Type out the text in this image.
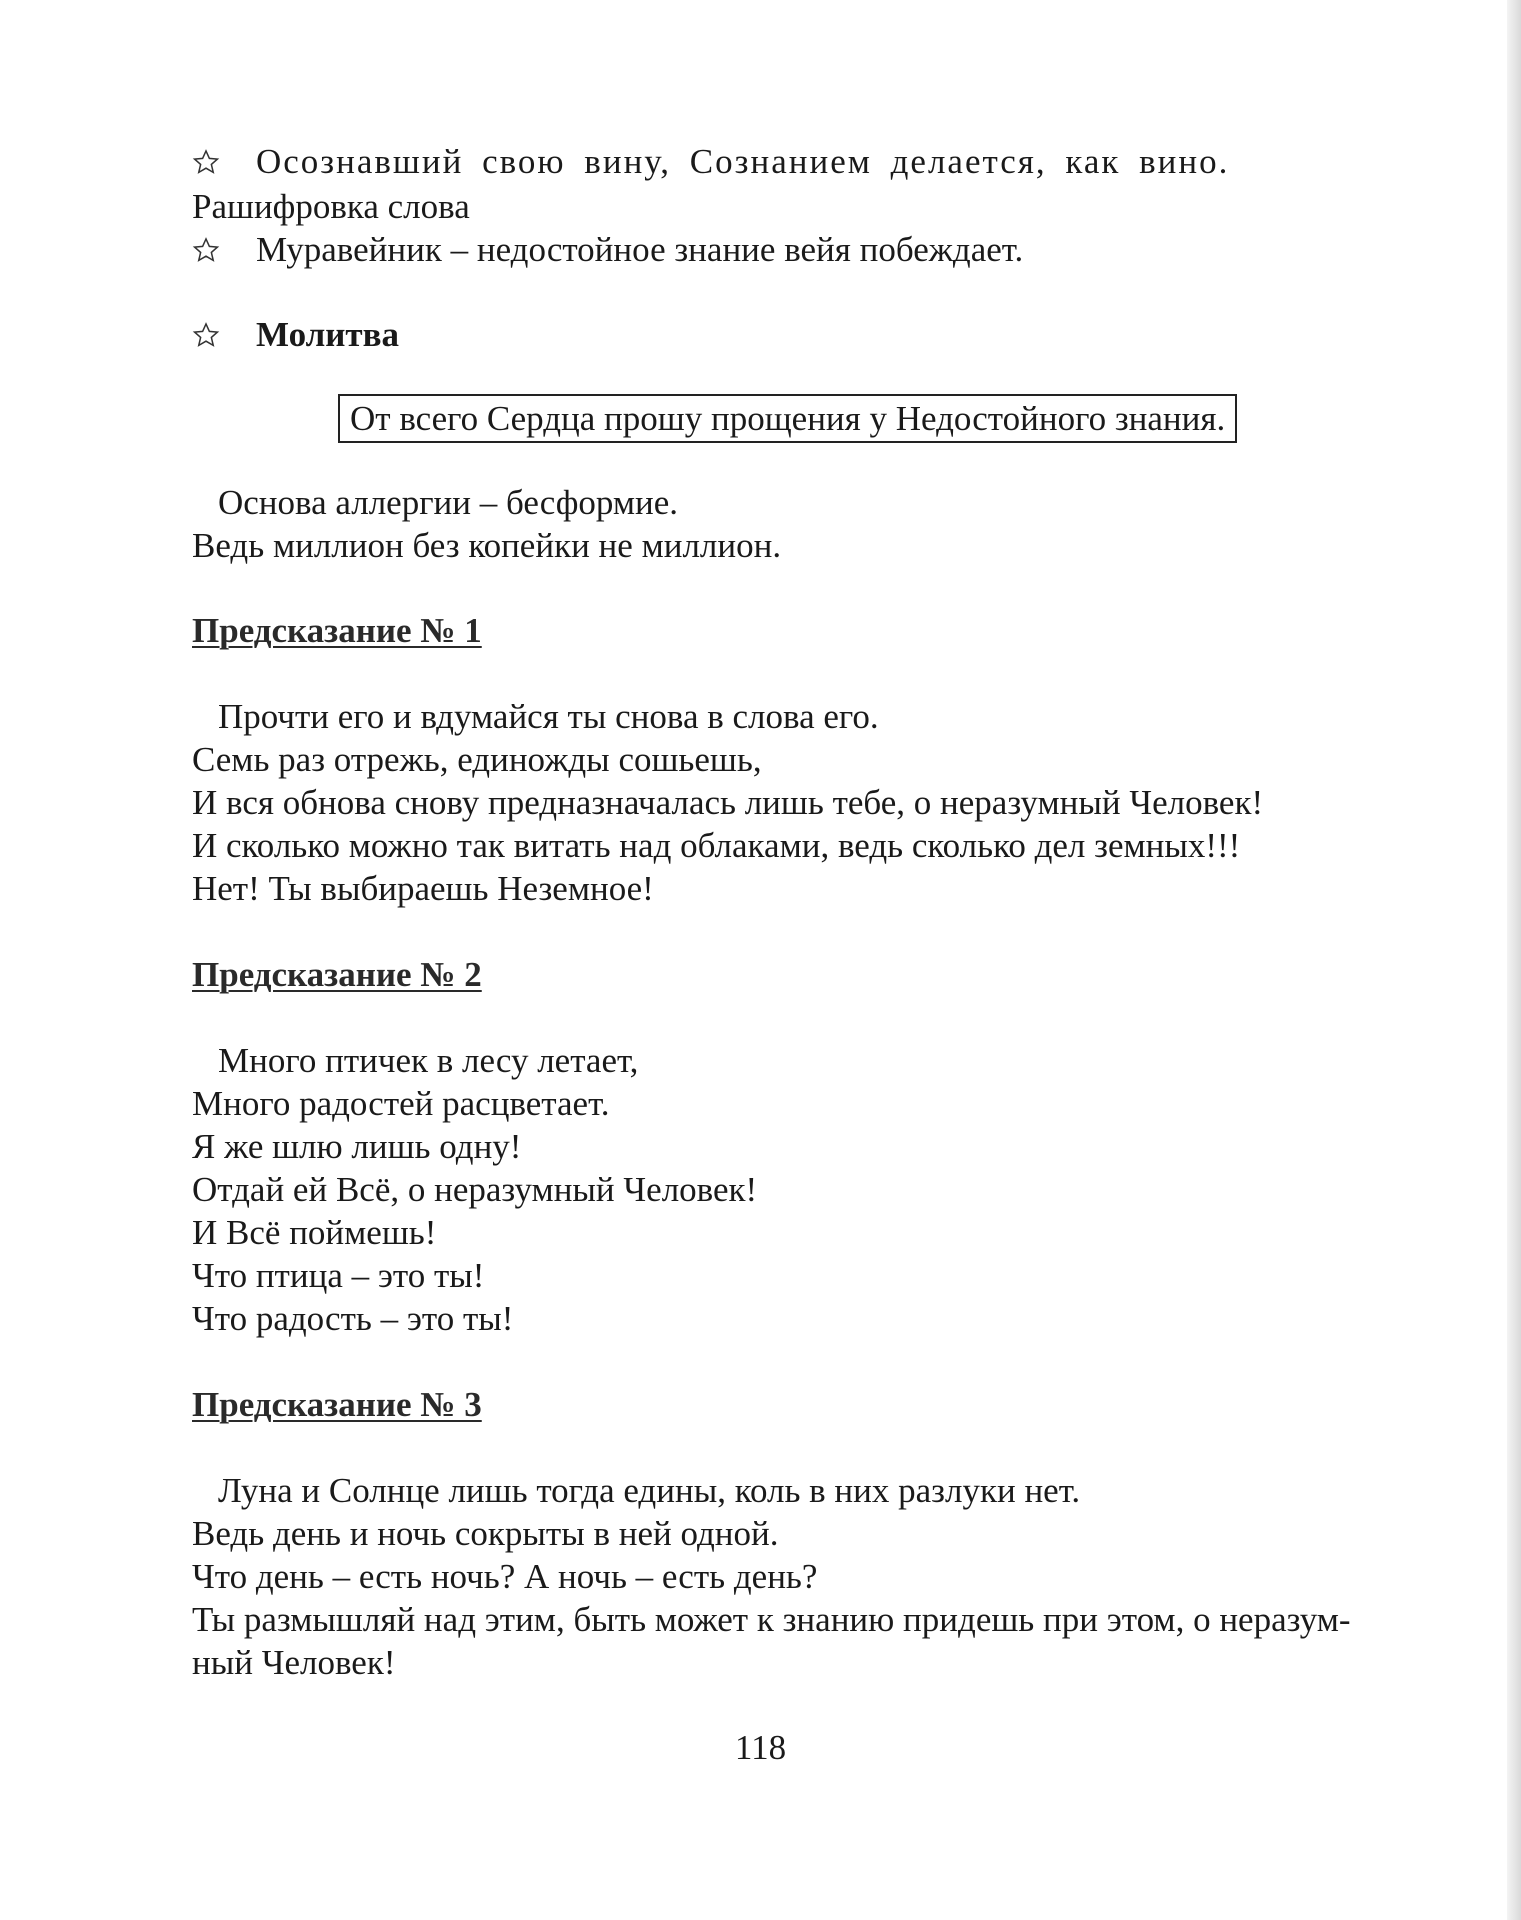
Осознавший свою вину, Сознанием делается, как вино.
Рашифровка слова
Муравейник – недостойное знание вейя побеждает.
Молитва
От всего Сердца прошу прощения у Недостойного знания.
Основа аллергии – бесформие.
Ведь миллион без копейки не миллион.
Предсказание № 1
Прочти его и вдумайся ты снова в слова его.
Семь раз отрежь, единожды сошьешь,
И вся обнова снову предназначалась лишь тебе, о неразумный Человек!
И сколько можно так витать над облаками, ведь сколько дел земных!!!
Нет! Ты выбираешь Неземное!
Предсказание № 2
Много птичек в лесу летает,
Много радостей расцветает.
Я же шлю лишь одну!
Отдай ей Всё, о неразумный Человек!
И Всё поймешь!
Что птица – это ты!
Что радость – это ты!
Предсказание № 3
Луна и Солнце лишь тогда едины, коль в них разлуки нет.
Ведь день и ночь сокрыты в ней одной.
Что день – есть ночь? А ночь – есть день?
Ты размышляй над этим, быть может к знанию придешь при этом, о неразум-
ный Человек!
118
